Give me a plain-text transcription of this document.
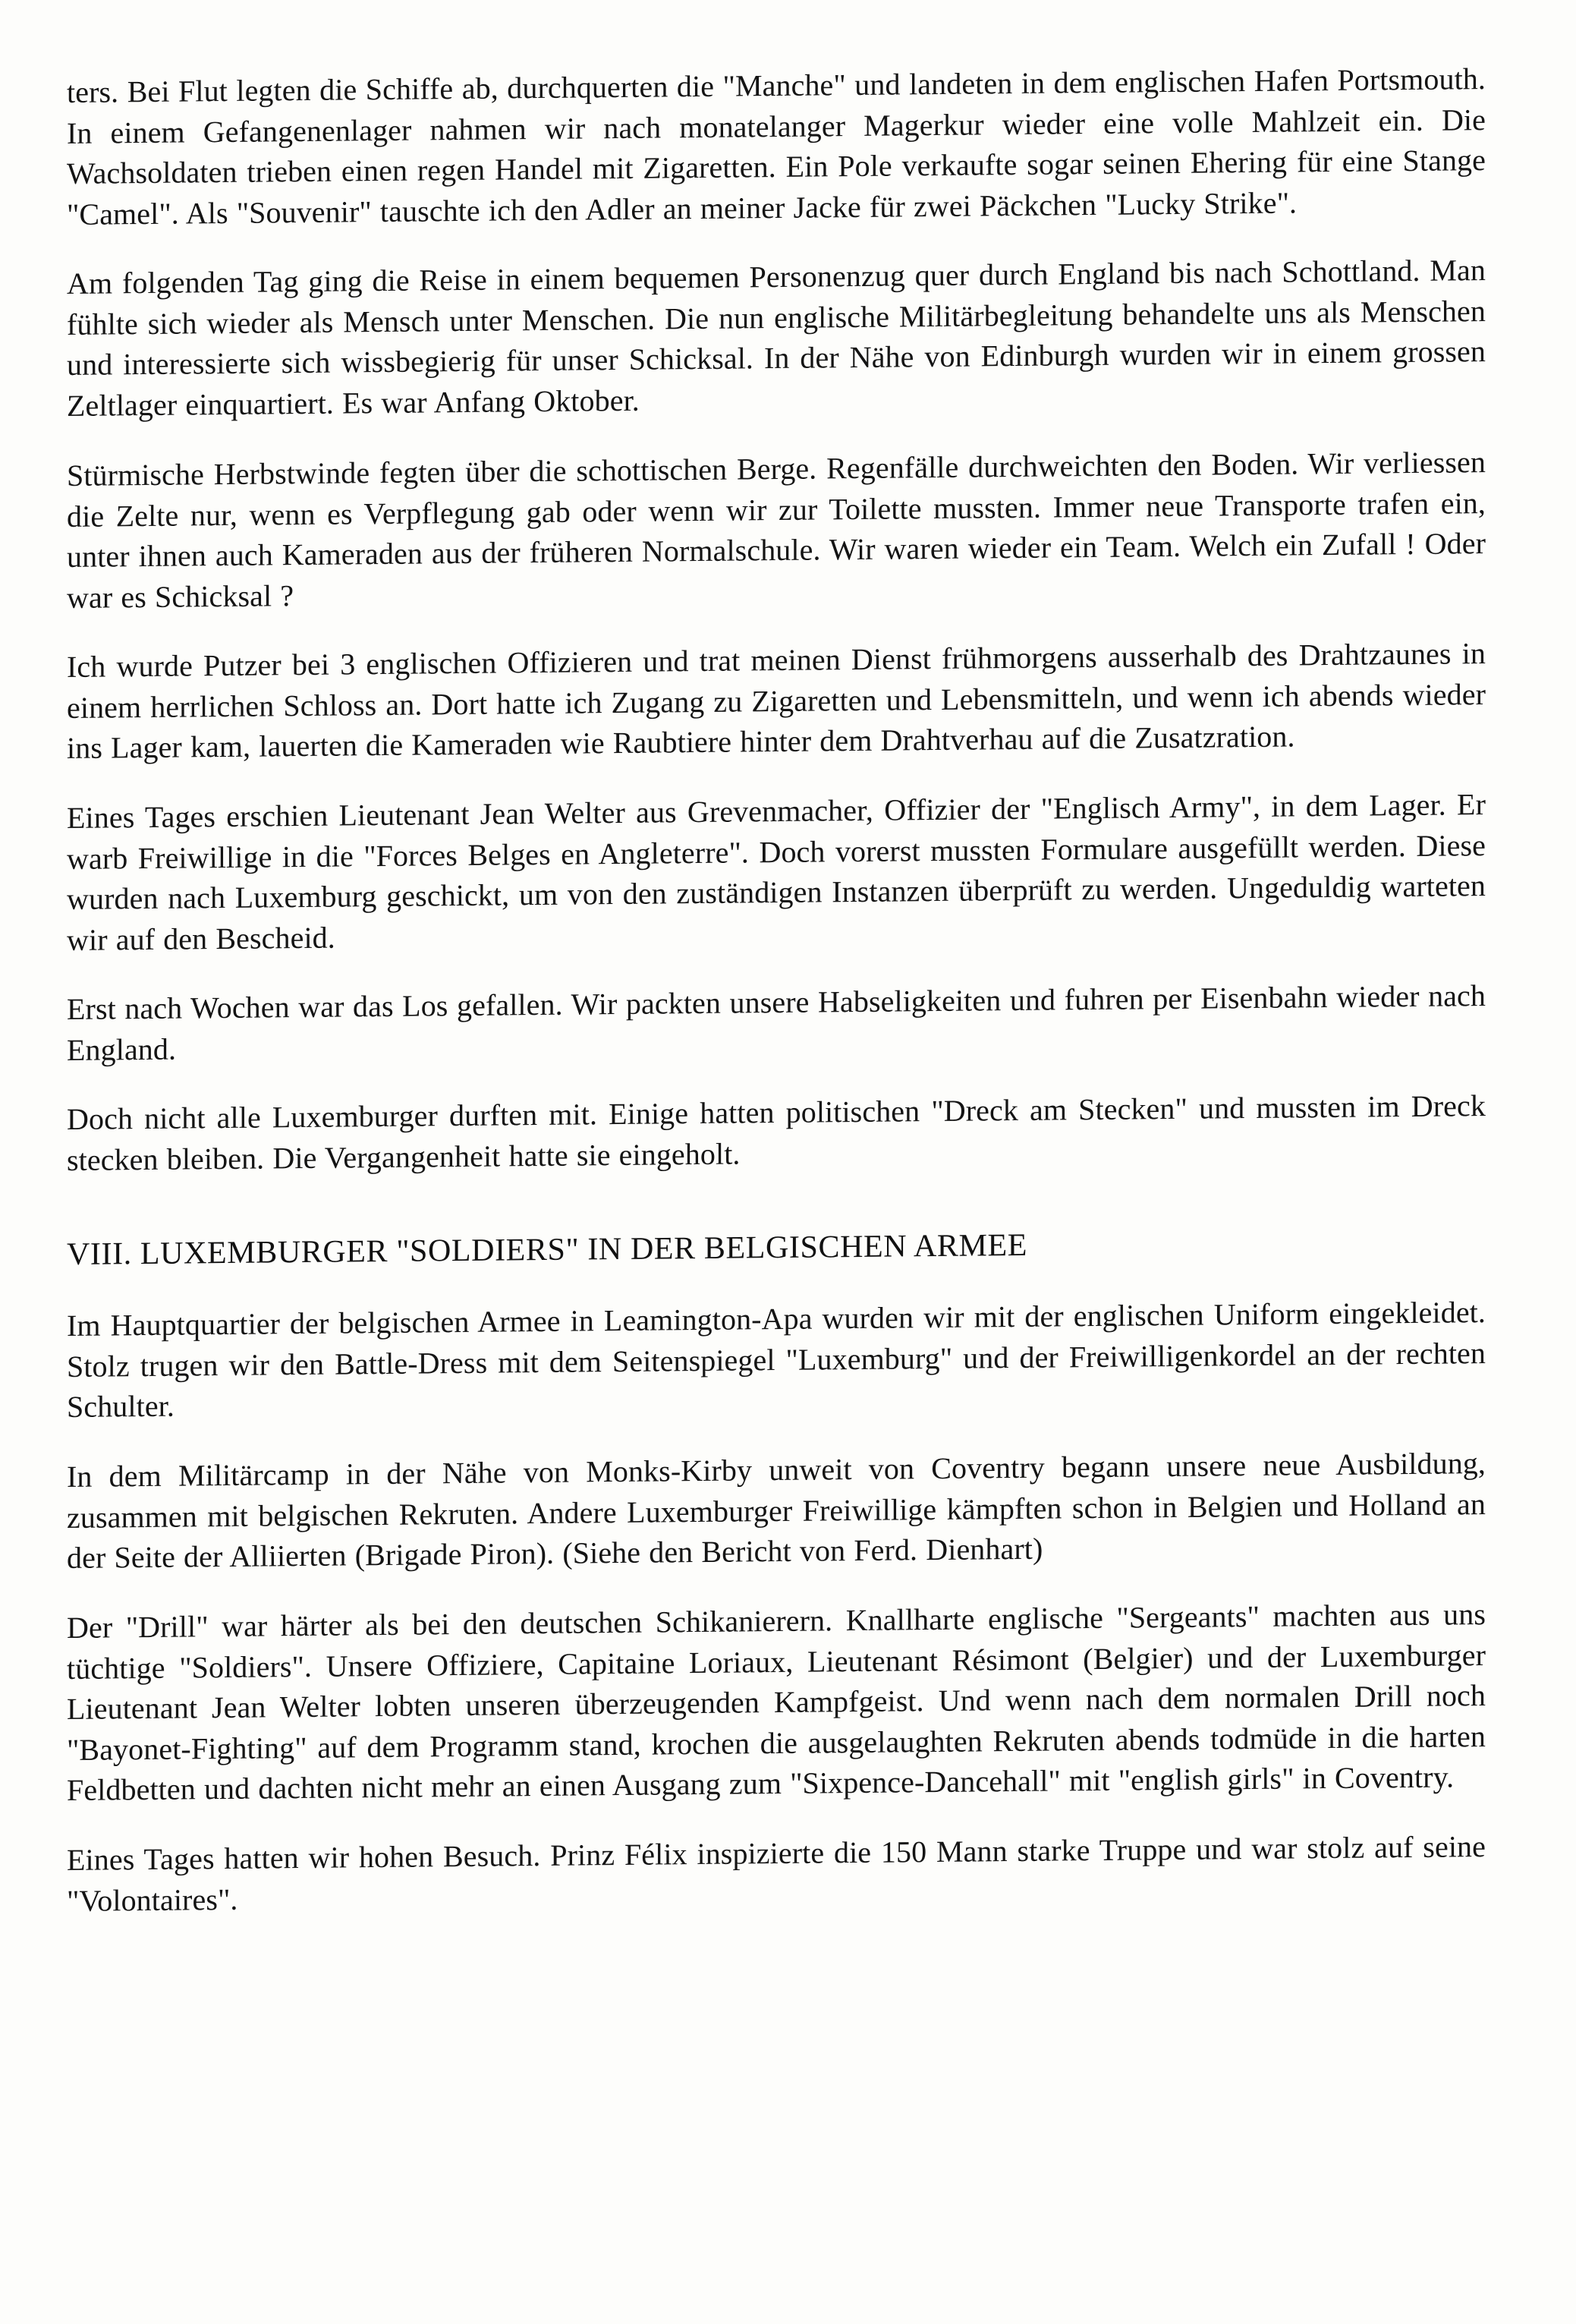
ters. Bei Flut legten die Schiffe ab, durchquerten die "Manche" und landeten in dem englischen Hafen Portsmouth. In einem Gefangenenlager nahmen wir nach monatelanger Magerkur wieder eine volle Mahlzeit ein. Die Wachsoldaten trieben einen regen Handel mit Zigaretten. Ein Pole verkaufte sogar seinen Ehering für eine Stange "Camel". Als "Souvenir" tauschte ich den Adler an meiner Jacke für zwei Päckchen "Lucky Strike".

Am folgenden Tag ging die Reise in einem bequemen Personenzug quer durch England bis nach Schottland. Man fühlte sich wieder als Mensch unter Menschen. Die nun englische Militärbegleitung behandelte uns als Menschen und interessierte sich wissbegierig für unser Schicksal. In der Nähe von Edinburgh wurden wir in einem grossen Zeltlager einquartiert. Es war Anfang Oktober.

Stürmische Herbstwinde fegten über die schottischen Berge. Regenfälle durchweichten den Boden. Wir verliessen die Zelte nur, wenn es Verpflegung gab oder wenn wir zur Toilette mussten. Immer neue Transporte trafen ein, unter ihnen auch Kameraden aus der früheren Normalschule. Wir waren wieder ein Team. Welch ein Zufall ! Oder war es Schicksal ?

Ich wurde Putzer bei 3 englischen Offizieren und trat meinen Dienst frühmorgens ausserhalb des Drahtzaunes in einem herrlichen Schloss an. Dort hatte ich Zugang zu Zigaretten und Lebensmitteln, und wenn ich abends wieder ins Lager kam, lauerten die Kameraden wie Raubtiere hinter dem Drahtverhau auf die Zusatzration.

Eines Tages erschien Lieutenant Jean Welter aus Grevenmacher, Offizier der "Englisch Army", in dem Lager. Er warb Freiwillige in die "Forces Belges en Angleterre". Doch vorerst mussten Formulare ausgefüllt werden. Diese wurden nach Luxemburg geschickt, um von den zuständigen Instanzen überprüft zu werden. Ungeduldig warteten wir auf den Bescheid.

Erst nach Wochen war das Los gefallen. Wir packten unsere Habseligkeiten und fuhren per Eisenbahn wieder nach England.

Doch nicht alle Luxemburger durften mit. Einige hatten politischen "Dreck am Stecken" und mussten im Dreck stecken bleiben. Die Vergangenheit hatte sie eingeholt.

VIII. LUXEMBURGER "SOLDIERS" IN DER BELGISCHEN ARMEE

Im Hauptquartier der belgischen Armee in Leamington-Apa wurden wir mit der englischen Uniform eingekleidet. Stolz trugen wir den Battle-Dress mit dem Seitenspiegel "Luxemburg" und der Freiwilligenkordel an der rechten Schulter.

In dem Militärcamp in der Nähe von Monks-Kirby unweit von Coventry begann unsere neue Ausbildung, zusammen mit belgischen Rekruten. Andere Luxemburger Freiwillige kämpften schon in Belgien und Holland an der Seite der Alliierten (Brigade Piron). (Siehe den Bericht von Ferd. Dienhart)

Der "Drill" war härter als bei den deutschen Schikanierern. Knallharte englische "Sergeants" machten aus uns tüchtige "Soldiers". Unsere Offiziere, Capitaine Loriaux, Lieutenant Résimont (Belgier) und der Luxemburger Lieutenant Jean Welter lobten unseren überzeugenden Kampfgeist. Und wenn nach dem normalen Drill noch "Bayonet-Fighting" auf dem Programm stand, krochen die ausgelaughten Rekruten abends todmüde in die harten Feldbetten und dachten nicht mehr an einen Ausgang zum "Sixpence-Dancehall" mit "english girls" in Coventry.

Eines Tages hatten wir hohen Besuch. Prinz Félix inspizierte die 150 Mann starke Truppe und war stolz auf seine "Volontaires".
